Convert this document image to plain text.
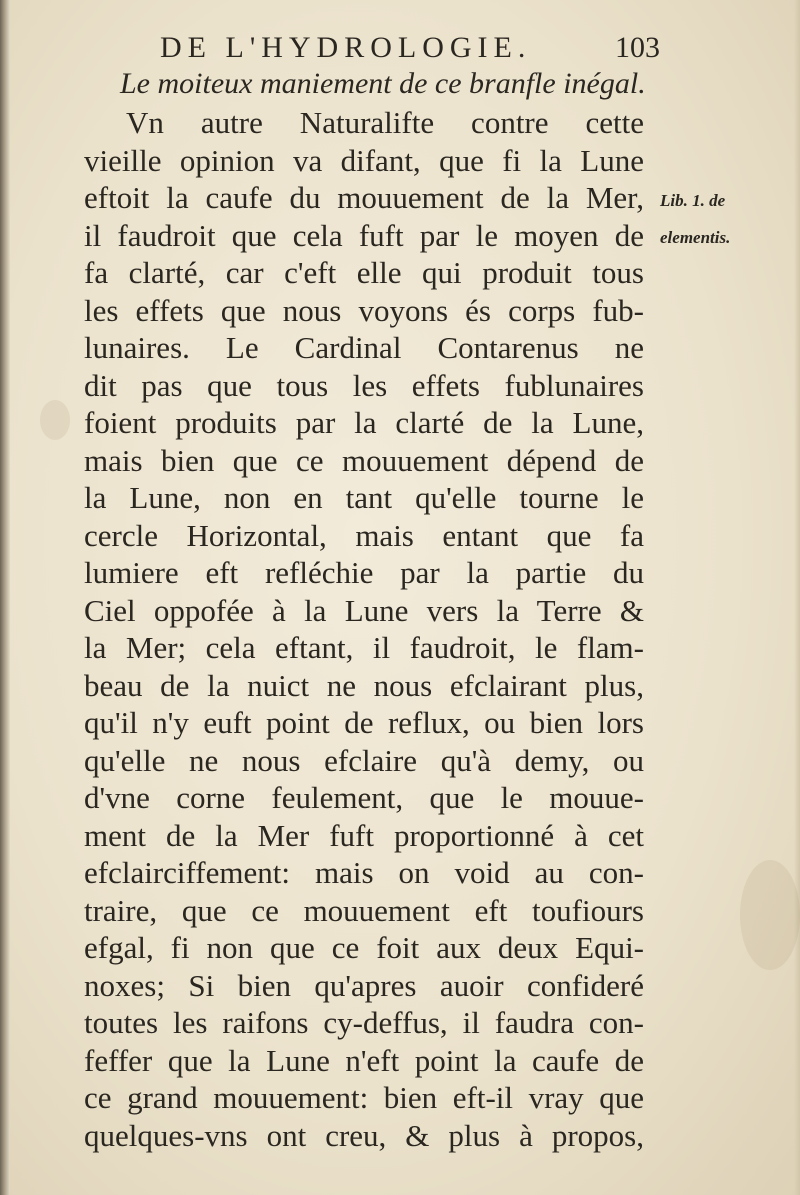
DE L'HYDROLOGIE.	103
Le moiteux maniement de ce branfle inégal.
Vn autre Naturalifte contre cette
vieille opinion va difant, que fi la Lune
eftoit la caufe du mouuement de la Mer,
il faudroit que cela fuft par le moyen de
fa clarté, car c'eft elle qui produit tous
les effets que nous voyons és corps fub-
lunaires. Le Cardinal Contarenus ne
dit pas que tous les effets fublunaires
foient produits par la clarté de la Lune,
mais bien que ce mouuement dépend de
la Lune, non en tant qu'elle tourne le
cercle Horizontal, mais entant que fa
lumiere eft refléchie par la partie du
Ciel oppofée à la Lune vers la Terre &
la Mer; cela eftant, il faudroit, le flam-
beau de la nuict ne nous efclairant plus,
qu'il n'y euft point de reflux, ou bien lors
qu'elle ne nous efclaire qu'à demy, ou
d'vne corne feulement, que le mouue-
ment de la Mer fuft proportionné à cet
efclairciffement: mais on void au con-
traire, que ce mouuement eft toufiours
efgal, fi non que ce foit aux deux Equi-
noxes; Si bien qu'apres auoir confideré
toutes les raifons cy-deffus, il faudra con-
feffer que la Lune n'eft point la caufe de
ce grand mouuement: bien eft-il vray que
quelques-vns ont creu, & plus à propos,
Lib. 1. de
elementis.
